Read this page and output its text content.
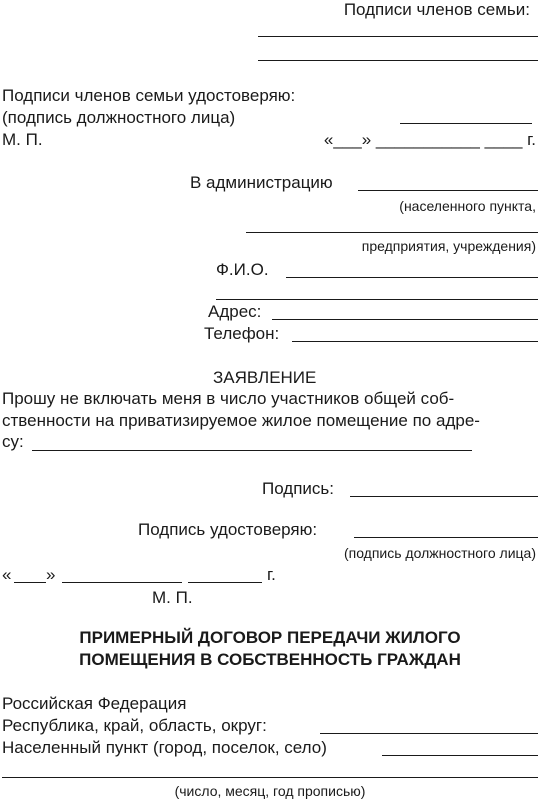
Подписи членов семьи:
Подписи членов семьи удостоверяю:
(подпись должностного лица)
М. П.	«___» ___________ ____ г.
В администрацию
(населенного пункта,
предприятия, учреждения)
Ф.И.О.
Адрес:
Телефон:
ЗАЯВЛЕНИЕ
Прошу не включать меня в число участников общей соб-
ственности на приватизируемое жилое помещение по адре-
су:
Подпись:
Подпись удостоверяю:
(подпись должностного лица)
« »	г.
М. П.
ПРИМЕРНЫЙ ДОГОВОР ПЕРЕДАЧИ ЖИЛОГО
ПОМЕЩЕНИЯ В СОБСТВЕННОСТЬ ГРАЖДАН
Российская Федерация
Республика, край, область, округ:
Населенный пункт (город, поселок, село)
(число, месяц, год прописью)
